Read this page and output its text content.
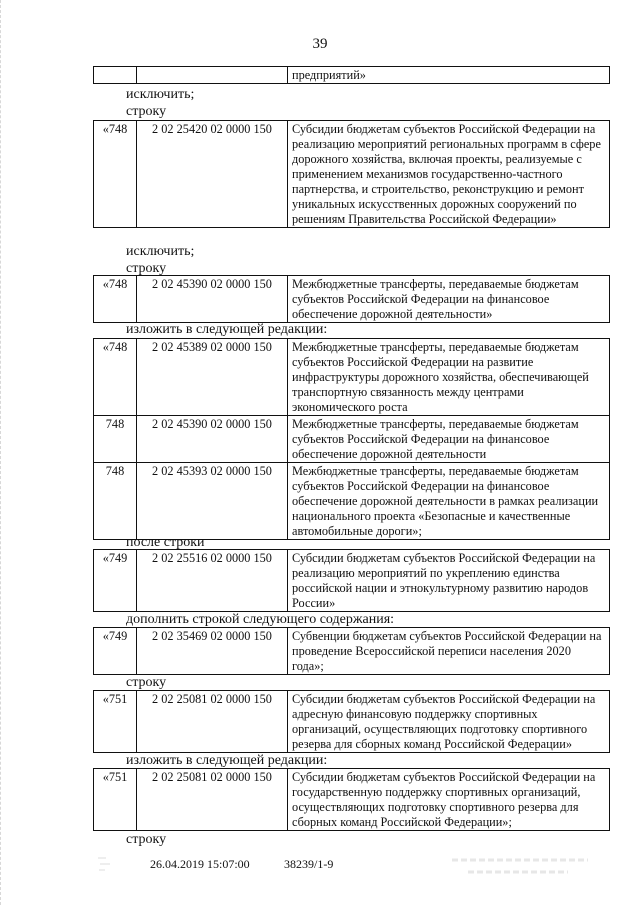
39
		предприятий»
исключить;
строку
«748	2 02 25420 02 0000 150	Субсидии бюджетам субъектов Российской Федерации на реализацию мероприятий региональных программ в сфере дорожного хозяйства, включая проекты, реализуемые с применением механизмов государственно-частного партнерства, и строительство, реконструкцию и ремонт уникальных искусственных дорожных сооружений по решениям Правительства Российской Федерации»
исключить;
строку
«748	2 02 45390 02 0000 150	Межбюджетные трансферты, передаваемые бюджетам субъектов Российской Федерации на финансовое обеспечение дорожной деятельности»
изложить в следующей редакции:
«748	2 02 45389 02 0000 150	Межбюджетные трансферты, передаваемые бюджетам субъектов Российской Федерации на развитие инфраструктуры дорожного хозяйства, обеспечивающей транспортную связанность между центрами экономического роста
748	2 02 45390 02 0000 150	Межбюджетные трансферты, передаваемые бюджетам субъектов Российской Федерации на финансовое обеспечение дорожной деятельности
748	2 02 45393 02 0000 150	Межбюджетные трансферты, передаваемые бюджетам субъектов Российской Федерации на финансовое обеспечение дорожной деятельности в рамках реализации национального проекта «Безопасные и качественные автомобильные дороги»;
после строки
«749	2 02 25516 02 0000 150	Субсидии бюджетам субъектов Российской Федерации на реализацию мероприятий по укреплению единства российской нации и этнокультурному развитию народов России»
дополнить строкой следующего содержания:
«749	2 02 35469 02 0000 150	Субвенции бюджетам субъектов Российской Федерации на проведение Всероссийской переписи населения 2020 года»;
строку
«751	2 02 25081 02 0000 150	Субсидии бюджетам субъектов Российской Федерации на адресную финансовую поддержку спортивных организаций, осуществляющих подготовку спортивного резерва для сборных команд Российской Федерации»
изложить в следующей редакции:
«751	2 02 25081 02 0000 150	Субсидии бюджетам субъектов Российской Федерации на государственную поддержку спортивных организаций, осуществляющих подготовку спортивного резерва для сборных команд Российской Федерации»;
строку
26.04.2019 15:07:00	38239/1-9
